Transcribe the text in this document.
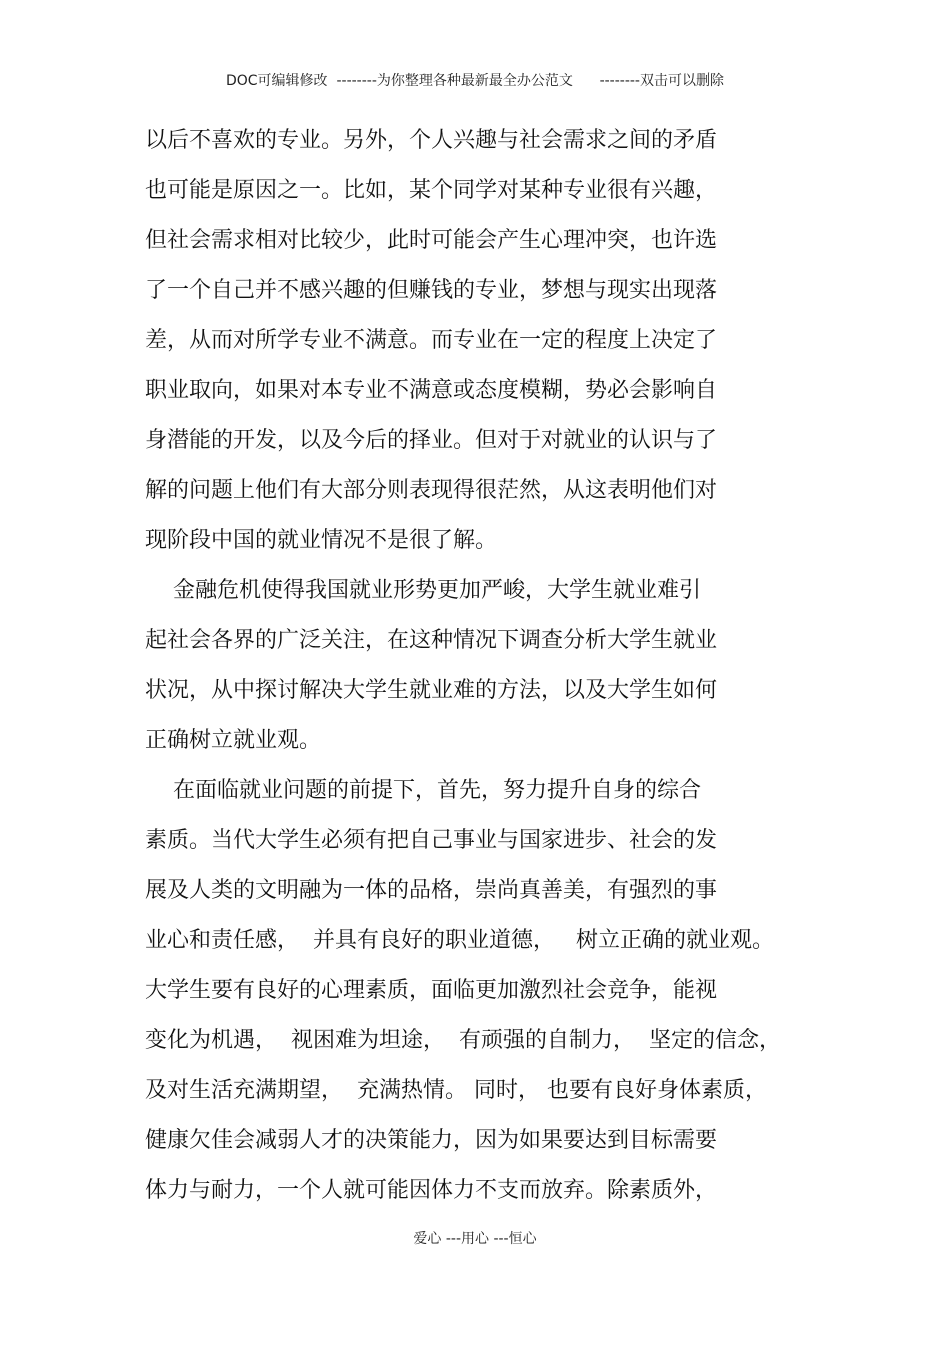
DOC可编辑修改  --------为你整理各种最新最全办公范文      --------双击可以删除
以后不喜欢的专业。另外，个人兴趣与社会需求之间的矛盾
也可能是原因之一。比如，某个同学对某种专业很有兴趣，
但社会需求相对比较少，此时可能会产生心理冲突，也许选
了一个自己并不感兴趣的但赚钱的专业，梦想与现实出现落
差，从而对所学专业不满意。而专业在一定的程度上决定了
职业取向，如果对本专业不满意或态度模糊，势必会影响自
身潜能的开发，以及今后的择业。但对于对就业的认识与了
解的问题上他们有大部分则表现得很茫然，从这表明他们对
现阶段中国的就业情况不是很了解。
金融危机使得我国就业形势更加严峻，大学生就业难引
起社会各界的广泛关注，在这种情况下调查分析大学生就业
状况，从中探讨解决大学生就业难的方法，以及大学生如何
正确树立就业观。
在面临就业问题的前提下，首先，努力提升自身的综合
素质。当代大学生必须有把自己事业与国家进步、社会的发
展及人类的文明融为一体的品格，崇尚真善美，有强烈的事
业心和责任感，  并具有良好的职业道德，   树立正确的就业观。
大学生要有良好的心理素质，面临更加激烈社会竞争，能视
变化为机遇，  视困难为坦途，  有顽强的自制力，  坚定的信念，
及对生活充满期望，  充满热情。 同时， 也要有良好身体素质，
健康欠佳会减弱人才的决策能力，因为如果要达到目标需要
体力与耐力，一个人就可能因体力不支而放弃。除素质外，
爱心 ---用心 ---恒心
